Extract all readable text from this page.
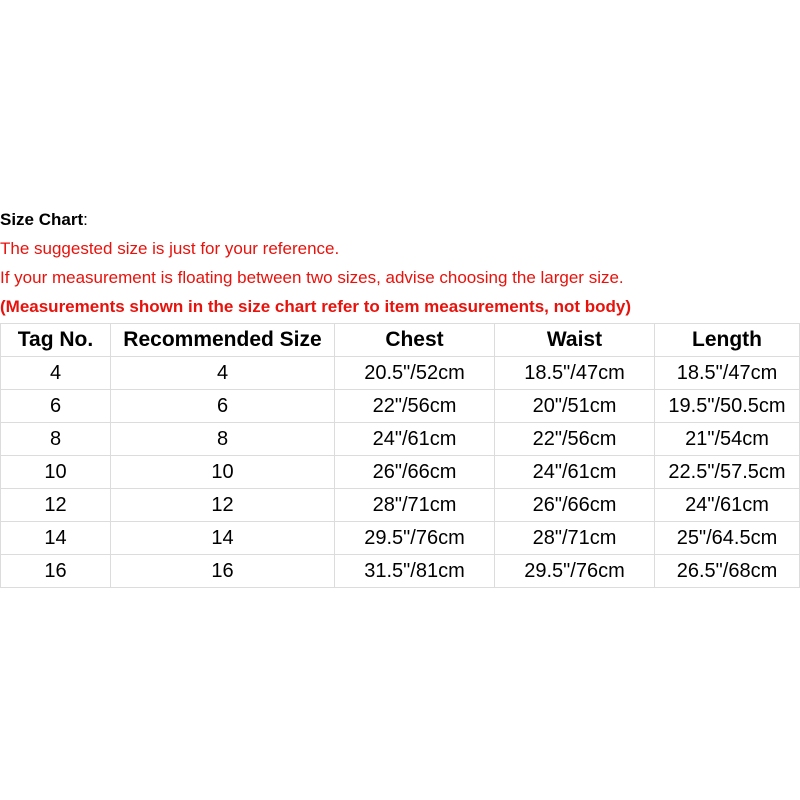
Size Chart:
The suggested size is just for your reference.
If your measurement is floating between two sizes, advise choosing the larger size.
(Measurements shown in the size chart refer to item measurements, not body)
Tag No.	Recommended Size	Chest	Waist	Length
4	4	20.5"/52cm	18.5"/47cm	18.5"/47cm
6	6	22"/56cm	20"/51cm	19.5"/50.5cm
8	8	24"/61cm	22"/56cm	21"/54cm
10	10	26"/66cm	24"/61cm	22.5"/57.5cm
12	12	28"/71cm	26"/66cm	24"/61cm
14	14	29.5"/76cm	28"/71cm	25"/64.5cm
16	16	31.5"/81cm	29.5"/76cm	26.5"/68cm
